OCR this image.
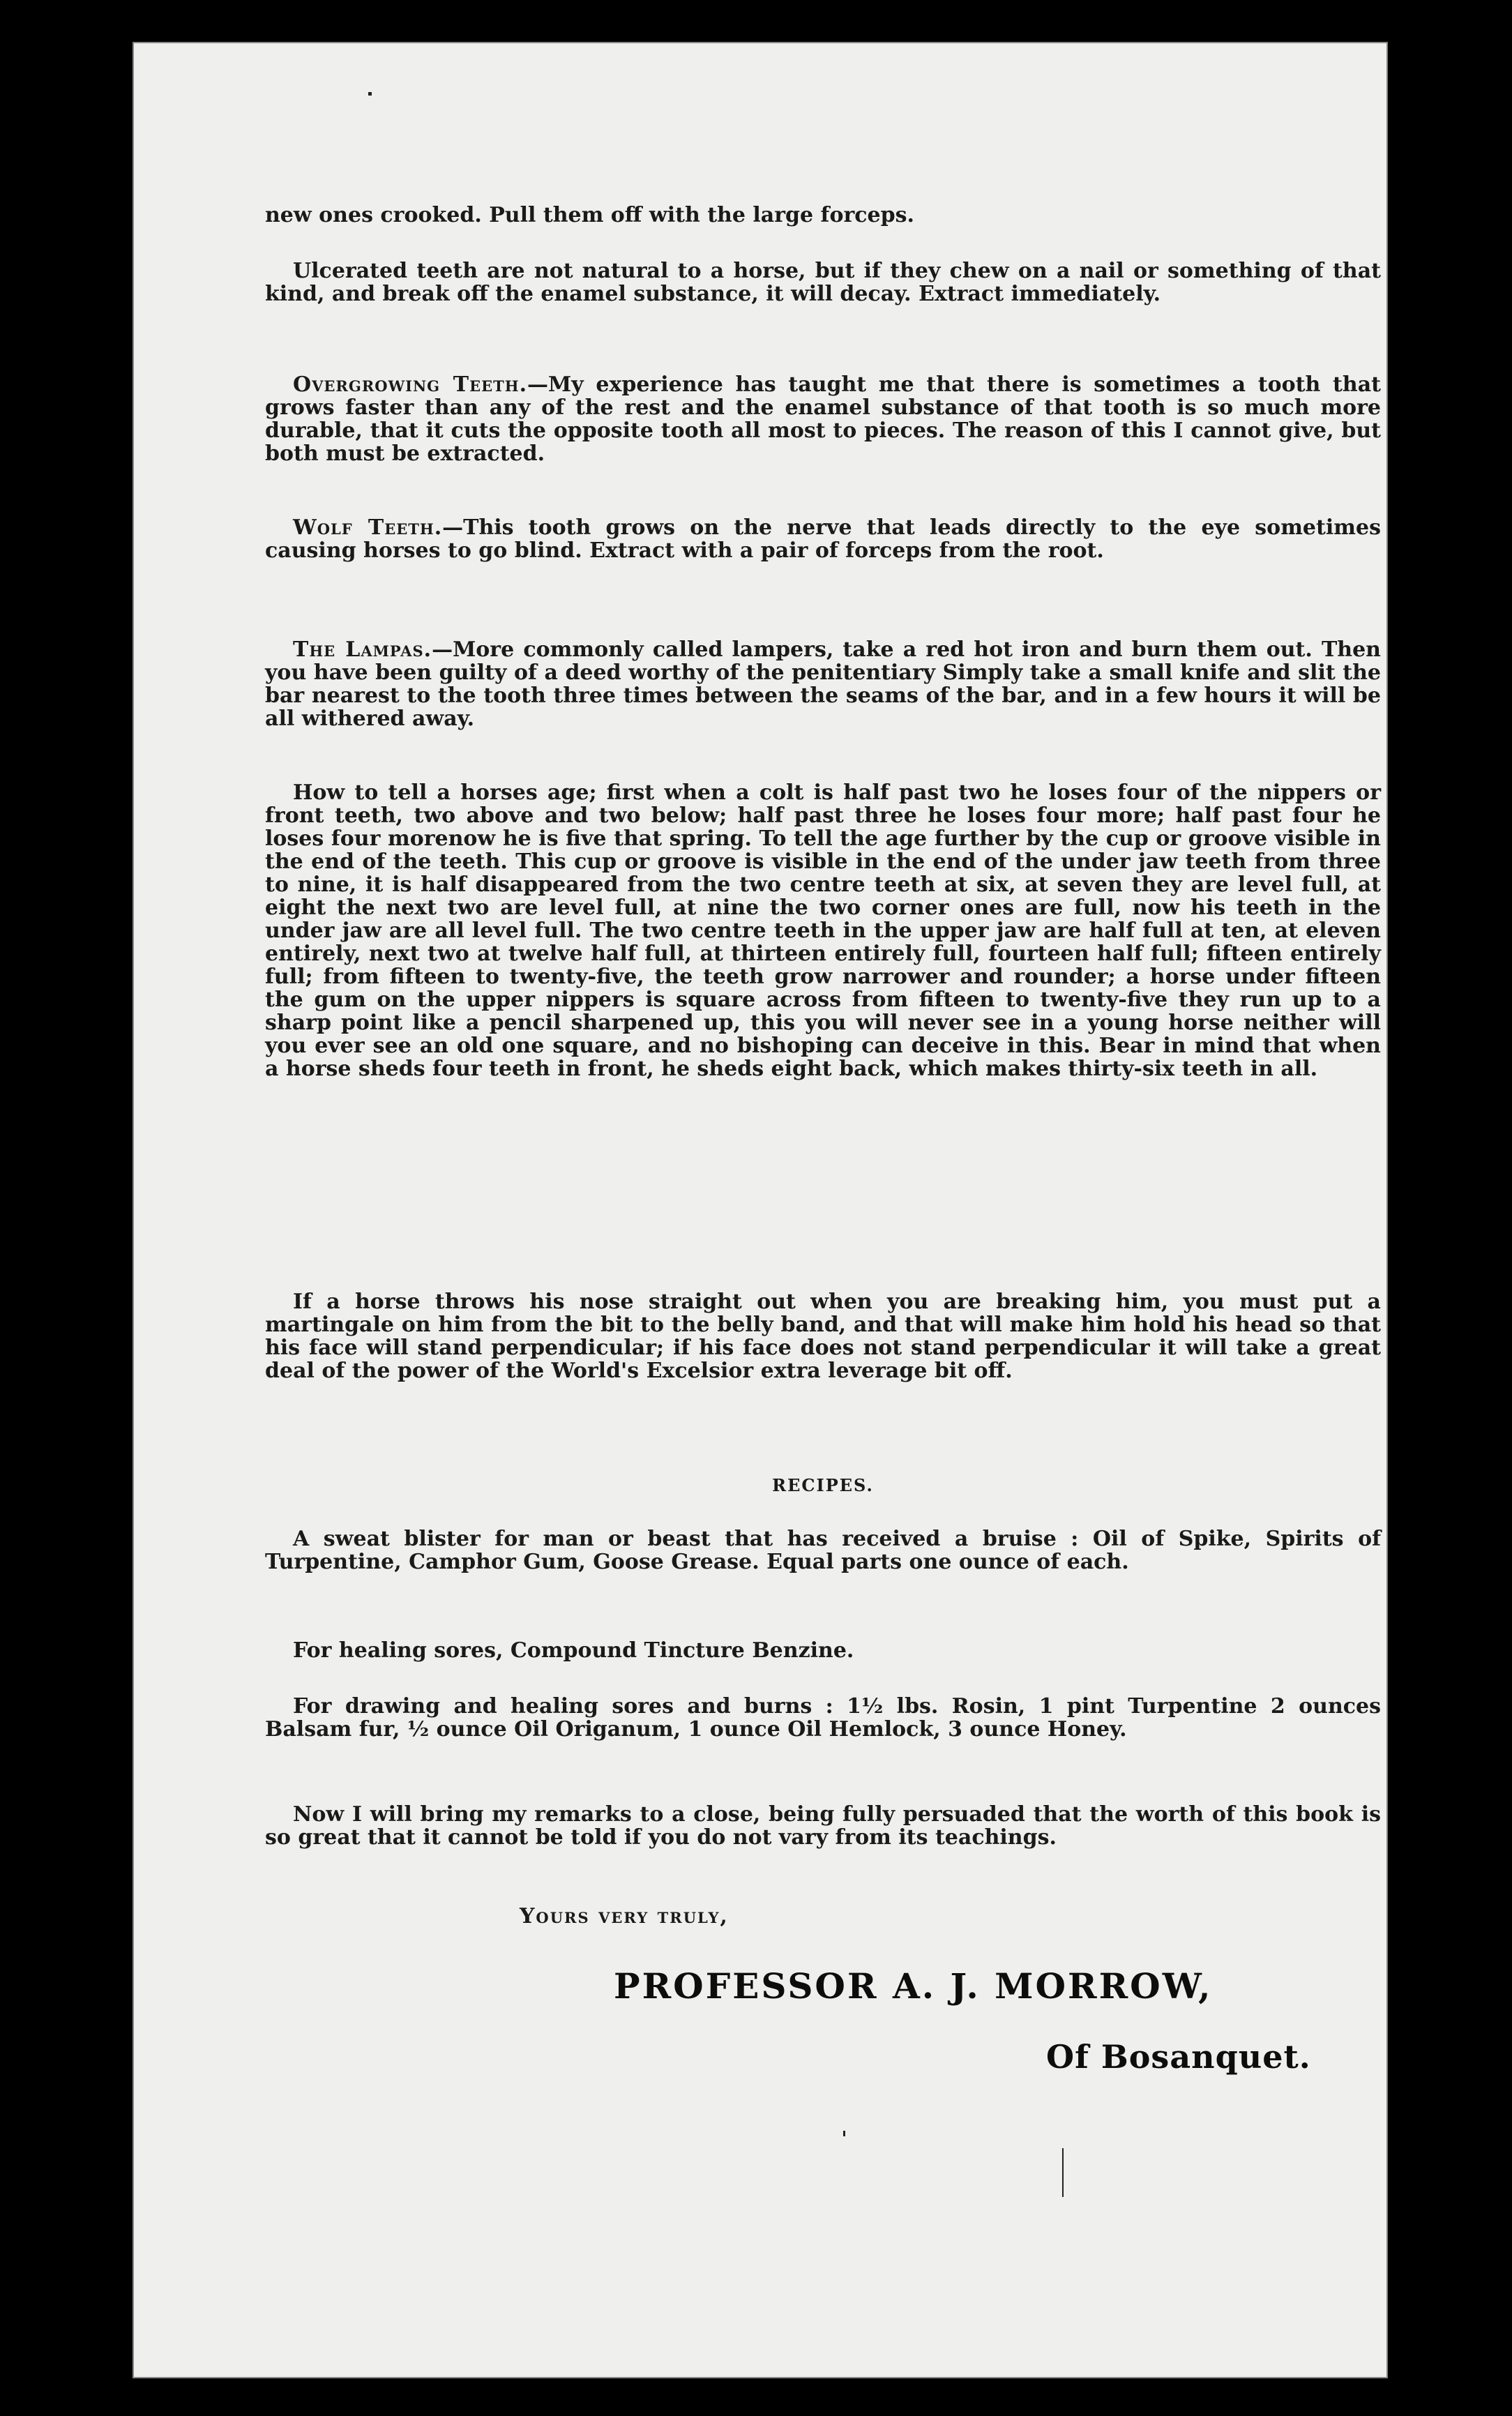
new ones crooked. Pull them off with the large forceps.

Ulcerated teeth are not natural to a horse, but if they chew on a nail or something of that kind, and break off the enamel substance, it will decay. Extract immediately.

Overgrowing Teeth.—My experience has taught me that there is sometimes a tooth that grows faster than any of the rest and the enamel substance of that tooth is so much more durable, that it cuts the opposite tooth all most to pieces. The reason of this I cannot give, but both must be extracted.

Wolf Teeth.—This tooth grows on the nerve that leads directly to the eye sometimes causing horses to go blind. Extract with a pair of forceps from the root.

The Lampas.—More commonly called lampers, take a red hot iron and burn them out. Then you have been guilty of a deed worthy of the penitentiary Simply take a small knife and slit the bar nearest to the tooth three times between the seams of the bar, and in a few hours it will be all withered away.

How to tell a horses age; first when a colt is half past two he loses four of the nippers or front teeth, two above and two below; half past three he loses four more; half past four he loses four morenow he is five that spring. To tell the age further by the cup or groove visible in the end of the teeth. This cup or groove is visible in the end of the under jaw teeth from three to nine, it is half disappeared from the two centre teeth at six, at seven they are level full, at eight the next two are level full, at nine the two corner ones are full, now his teeth in the under jaw are all level full. The two centre teeth in the upper jaw are half full at ten, at eleven entirely, next two at twelve half full, at thirteen entirely full, fourteen half full; fifteen entirely full; from fifteen to twenty-five, the teeth grow narrower and rounder; a horse under fifteen the gum on the upper nippers is square across from fifteen to twenty-five they run up to a sharp point like a pencil sharpened up, this you will never see in a young horse neither will you ever see an old one square, and no bishoping can deceive in this. Bear in mind that when a horse sheds four teeth in front, he sheds eight back, which makes thirty-six teeth in all.

If a horse throws his nose straight out when you are breaking him, you must put a martingale on him from the bit to the belly band, and that will make him hold his head so that his face will stand perpendicular; if his face does not stand perpendicular it will take a great deal of the power of the World's Excelsior extra leverage bit off.

RECIPES.

A sweat blister for man or beast that has received a bruise : Oil of Spike, Spirits of Turpentine, Camphor Gum, Goose Grease. Equal parts one ounce of each.

For healing sores, Compound Tincture Benzine.

For drawing and healing sores and burns : 1½ lbs. Rosin, 1 pint Turpentine 2 ounces Balsam fur, ½ ounce Oil Origanum, 1 ounce Oil Hemlock, 3 ounce Honey.

Now I will bring my remarks to a close, being fully persuaded that the worth of this book is so great that it cannot be told if you do not vary from its teachings.

Yours very truly,
PROFESSOR A. J. MORROW,
Of Bosanquet.
